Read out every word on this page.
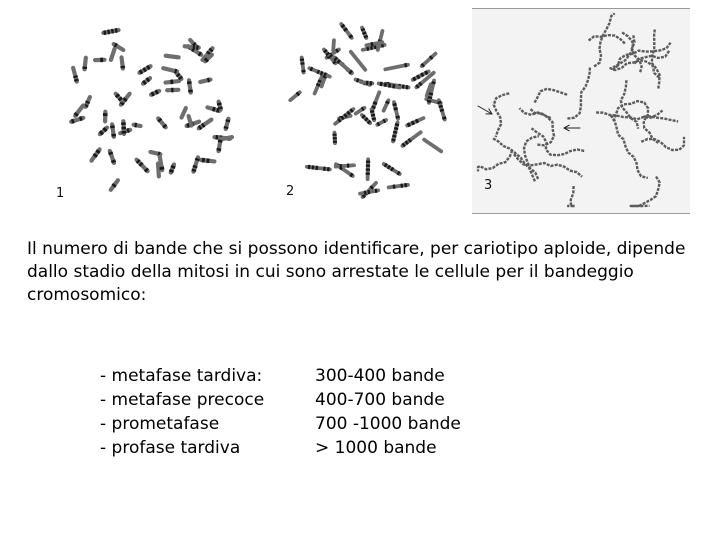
1	2	3

Il numero di bande che si possono identificare, per cariotipo aploide, dipende dallo stadio della mitosi in cui sono arrestate le cellule per il bandeggio cromosomico:

- metafase tardiva:	300-400 bande
- metafase precoce	400-700 bande
- prometafase	700 -1000 bande
- profase tardiva	> 1000 bande
